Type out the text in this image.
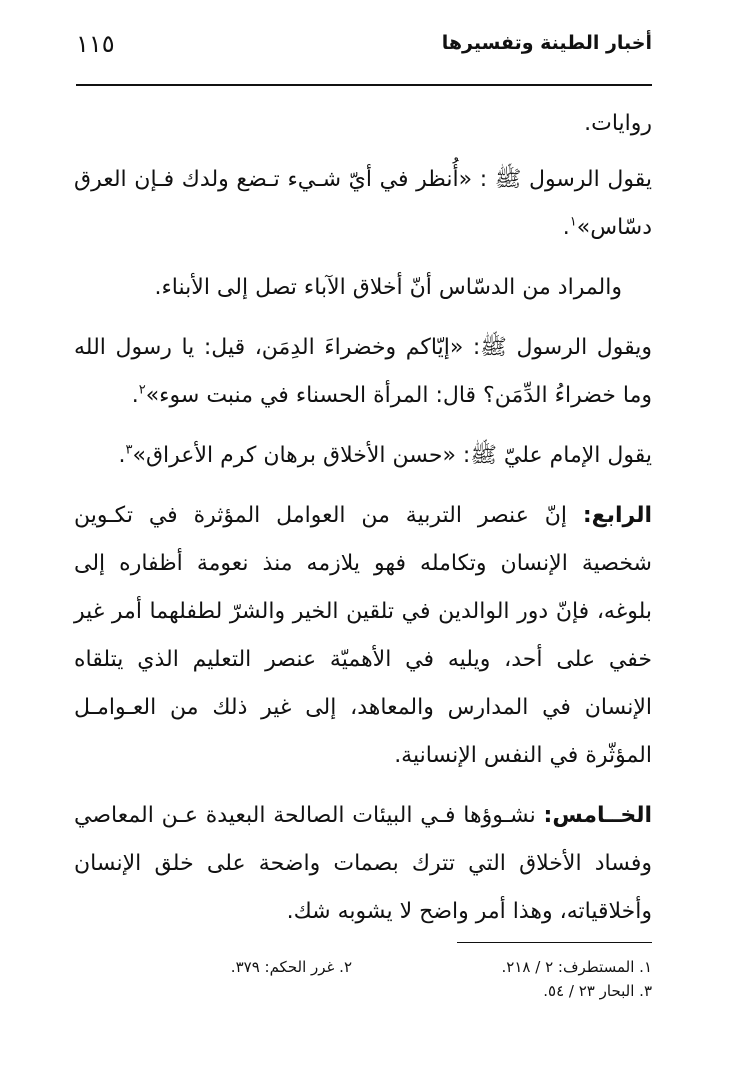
أخبار الطينة وتفسيرها
١١٥

روايات.

يقول الرسول ﷺ : «أُنظر في أيّ شـيء تـضع ولدك فـإن العرق دسّاس»$^١$.

والمراد من الدسّاس أنّ أخلاق الآباء تصل إلى الأبناء.

ويقول الرسول ﷺ: «إيّاكم وخضراءَ الدِمَن، قيل: يا رسول الله وما خضراءُ الدِّمَن؟ قال: المرأة الحسناء في منبت سوء»$^٢$.

يقول الإمام عليّ ﷺ: «حسن الأخلاق برهان كرم الأعراق»$^٣$.

الرابع: إنّ عنصر التربية من العوامل المؤثرة في تكـوين شخصية الإنسان وتكامله فهو يلازمه منذ نعومة أظفاره إلى بلوغه، فإنّ دور الوالدين في تلقين الخير والشرّ لطفلهما أمر غير خفي على أحد، ويليه في الأهميّة عنصر التعليم الذي يتلقاه الإنسان في المدارس والمعاهد، إلى غير ذلك من العـوامـل المؤثّرة في النفس الإنسانية.

الخــامس: نشـوؤها فـي البيئات الصالحة البعيدة عـن المعاصي وفساد الأخلاق التي تترك بصمات واضحة على خلق الإنسان وأخلاقياته، وهذا أمر واضح لا يشوبه شك.

١. المستطرف: ٢ / ٢١٨.
٢. غرر الحكم: ٣٧٩.
٣. البحار ٢٣ / ٥٤.
